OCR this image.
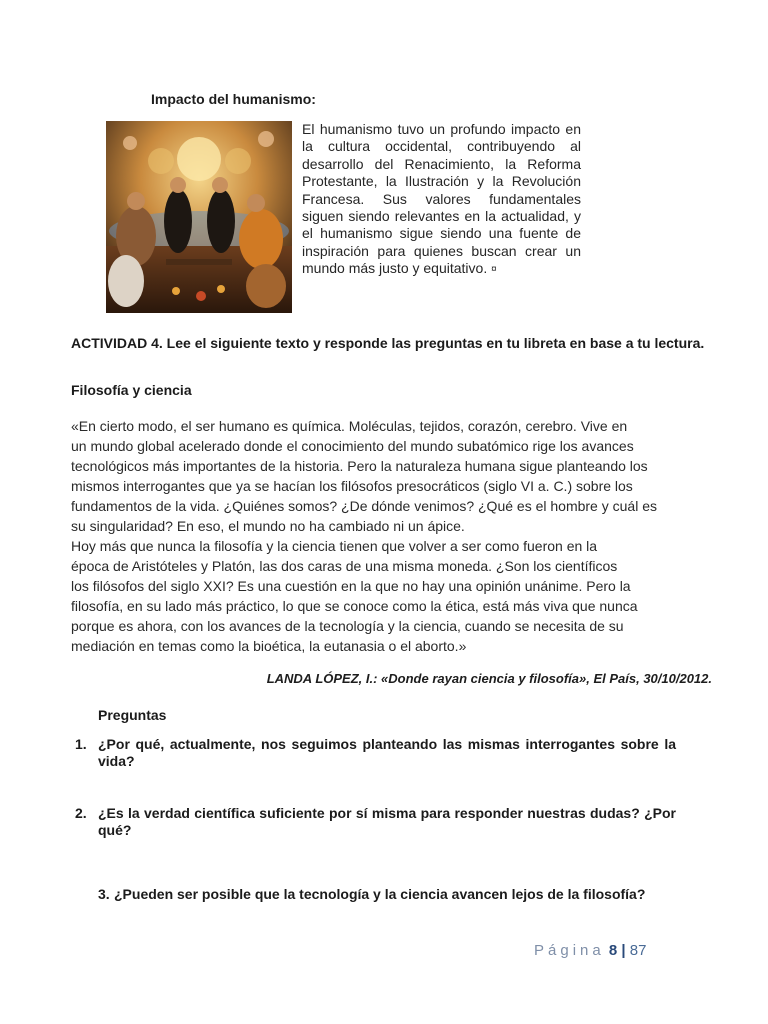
Impacto del humanismo:
El humanismo tuvo un profundo impacto en la cultura occidental, contribuyendo al desarrollo del Renacimiento, la Reforma Protestante, la Ilustración y la Revolución Francesa. Sus valores fundamentales siguen siendo relevantes en la actualidad, y el humanismo sigue siendo una fuente de inspiración para quienes buscan crear un mundo más justo y equitativo. ¤
ACTIVIDAD 4. Lee el siguiente texto y responde las preguntas en tu libreta en base a tu lectura.
Filosofía y ciencia
«En cierto modo, el ser humano es química. Moléculas, tejidos, corazón, cerebro. Vive en
un mundo global acelerado donde el conocimiento del mundo subatómico rige los avances
tecnológicos más importantes de la historia. Pero la naturaleza humana sigue planteando los
mismos interrogantes que ya se hacían los filósofos presocráticos (siglo VI a. C.) sobre los
fundamentos de la vida. ¿Quiénes somos? ¿De dónde venimos? ¿Qué es el hombre y cuál es
su singularidad? En eso, el mundo no ha cambiado ni un ápice.
Hoy más que nunca la filosofía y la ciencia tienen que volver a ser como fueron en la
época de Aristóteles y Platón, las dos caras de una misma moneda. ¿Son los científicos
los filósofos del siglo XXI? Es una cuestión en la que no hay una opinión unánime. Pero la
filosofía, en su lado más práctico, lo que se conoce como la ética, está más viva que nunca
porque es ahora, con los avances de la tecnología y la ciencia, cuando se necesita de su
mediación en temas como la bioética, la eutanasia o el aborto.»
LANDA LÓPEZ, I.: «Donde rayan ciencia y filosofía», El País, 30/10/2012.
Preguntas
1. ¿Por qué, actualmente, nos seguimos planteando las mismas interrogantes sobre la vida?
2. ¿Es la verdad científica suficiente por sí misma para responder nuestras dudas? ¿Por qué?
3. ¿Pueden ser posible que la tecnología y la ciencia avancen lejos de la filosofía?
Página 8 | 87
